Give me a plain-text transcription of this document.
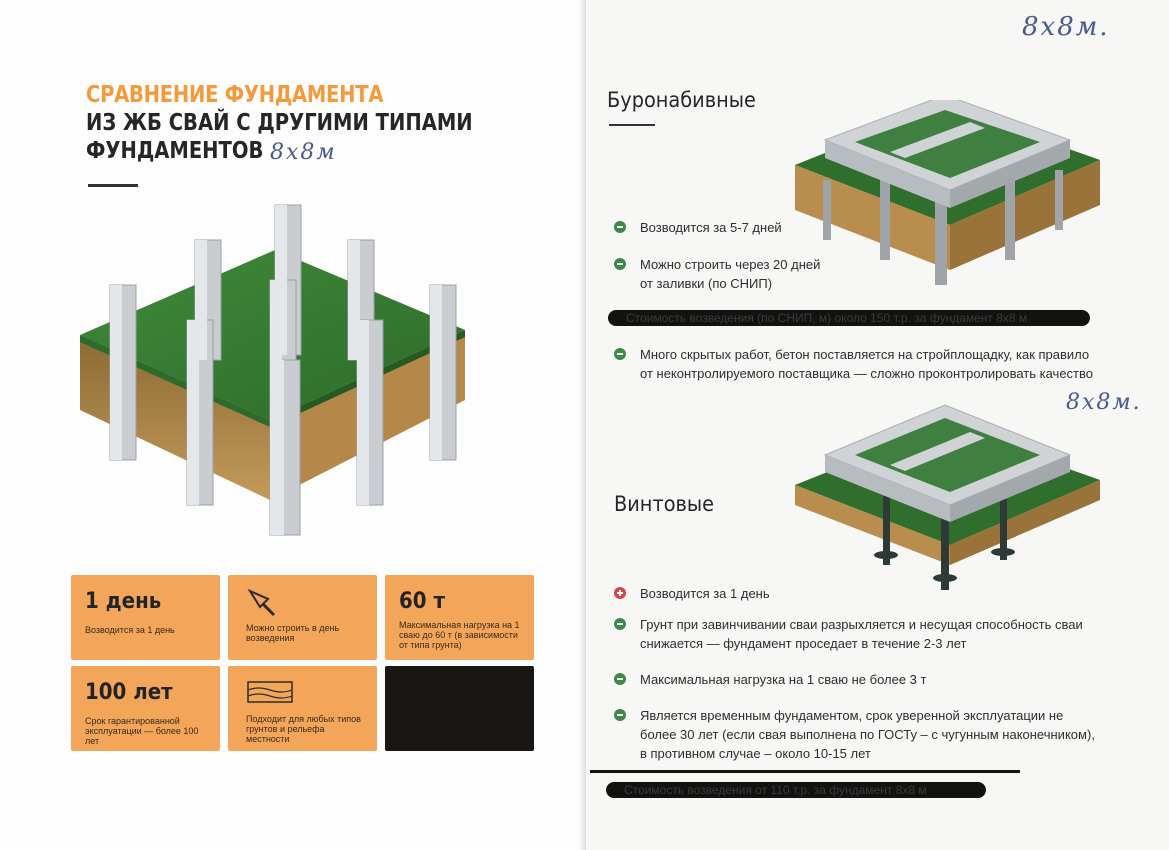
СРАВНЕНИЕ ФУНДАМЕНТА
ИЗ ЖБ СВАЙ С ДРУГИМИ ТИПАМИ
ФУНДАМЕНТОВ 8х8м
1 день
Возводится за 1 день	Можно строить в день возведения
60 т
Максимальная нагрузка на 1 сваю до 60 т (в зависимости от типа грунта)
100 лет
Срок гарантированной эксплуатации — более 100 лет
Подходит для любых типов грунтов и рельефа местности
8х8м.
Буронабивные
Возводится за 5-7 дней
Можно строить через 20 дней
от заливки (по СНИП)
Стоимость возведения (по СНИП, м) около 150 т.р. за фундамент 8х8 м
Много скрытых работ, бетон поставляется на стройплощадку, как правило
от неконтролируемого поставщика — сложно проконтролировать качество
8х8м.
Винтовые
Возводится за 1 день
Грунт при завинчивании сваи разрыхляется и несущая способность сваи
снижается — фундамент проседает в течение 2-3 лет
Максимальная нагрузка на 1 сваю не более 3 т
Является временным фундаментом, срок уверенной эксплуатации не
более 30 лет (если свая выполнена по ГОСТу – с чугунным наконечником),
в противном случае – около 10-15 лет
Стоимость возведения от 110 т.р. за фундамент 8х8 м
